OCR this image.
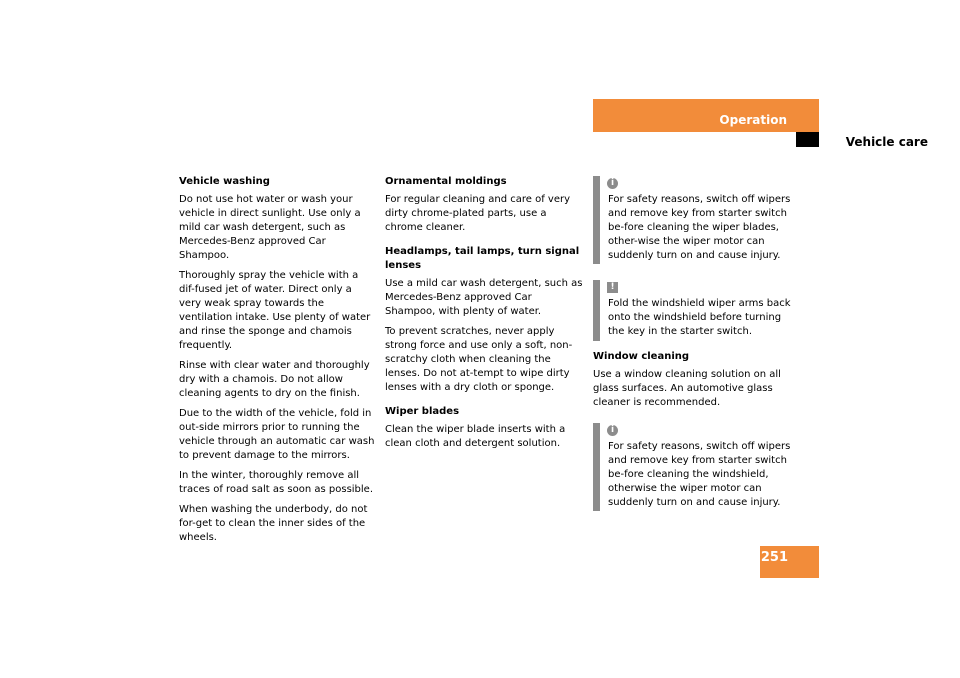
Operation
Vehicle care

Vehicle washing

Do not use hot water or wash your vehicle in direct sunlight. Use only a mild car wash detergent, such as Mercedes-Benz approved Car Shampoo.

Thoroughly spray the vehicle with a dif-fused jet of water. Direct only a very weak spray towards the ventilation intake. Use plenty of water and rinse the sponge and chamois frequently.

Rinse with clear water and thoroughly dry with a chamois. Do not allow cleaning agents to dry on the finish.

Due to the width of the vehicle, fold in out-side mirrors prior to running the vehicle through an automatic car wash to prevent damage to the mirrors.

In the winter, thoroughly remove all traces of road salt as soon as possible.

When washing the underbody, do not for-get to clean the inner sides of the wheels.

Ornamental moldings

For regular cleaning and care of very dirty chrome-plated parts, use a chrome cleaner.

Headlamps, tail lamps, turn signal lenses

Use a mild car wash detergent, such as Mercedes-Benz approved Car Shampoo, with plenty of water.

To prevent scratches, never apply strong force and use only a soft, non-scratchy cloth when cleaning the lenses. Do not at-tempt to wipe dirty lenses with a dry cloth or sponge.

Wiper blades

Clean the wiper blade inserts with a clean cloth and detergent solution.

i
For safety reasons, switch off wipers and remove key from starter switch be-fore cleaning the wiper blades, other-wise the wiper motor can suddenly turn on and cause injury.
!
Fold the windshield wiper arms back onto the windshield before turning the key in the starter switch.

Window cleaning

Use a window cleaning solution on all glass surfaces. An automotive glass cleaner is recommended.

i
For safety reasons, switch off wipers and remove key from starter switch be-fore cleaning the windshield, otherwise the wiper motor can suddenly turn on and cause injury.
251
